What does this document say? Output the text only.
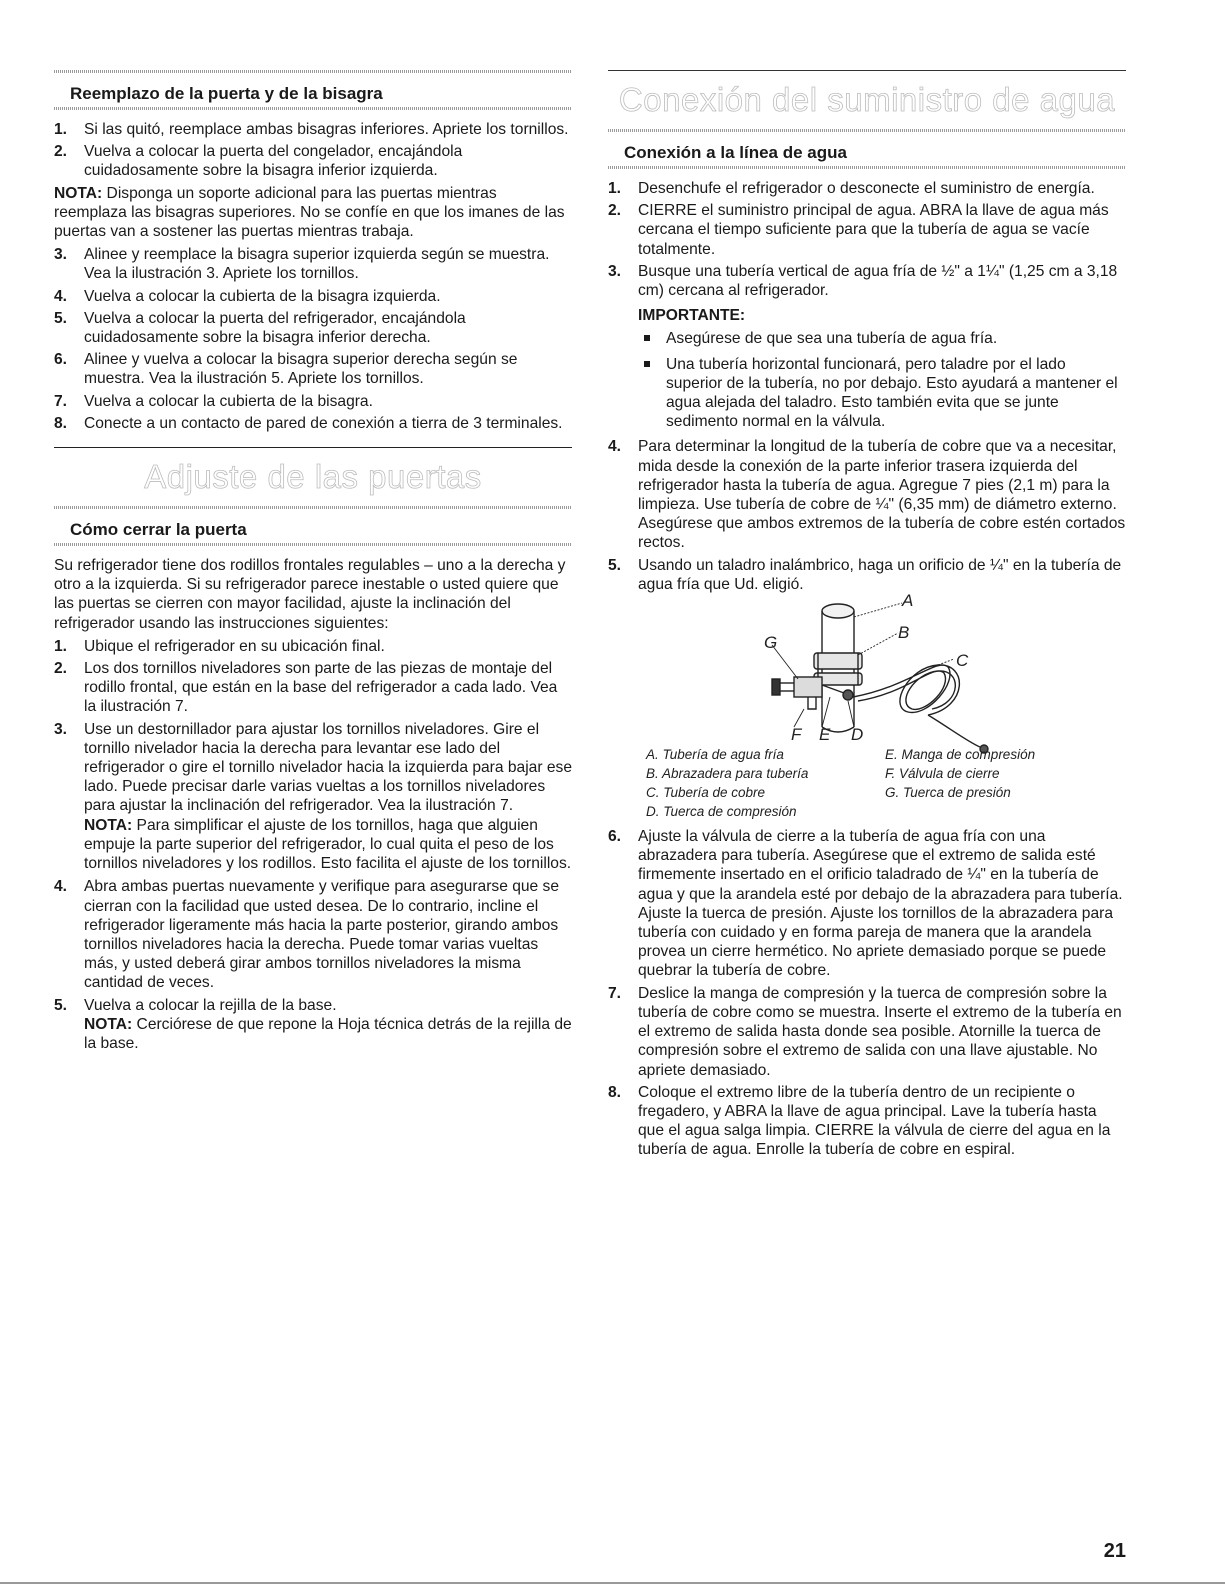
Reemplazo de la puerta y de la bisagra
1. Si las quitó, reemplace ambas bisagras inferiores. Apriete los tornillos.
2. Vuelva a colocar la puerta del congelador, encajándola cuidadosamente sobre la bisagra inferior izquierda.

NOTA: Disponga un soporte adicional para las puertas mientras reemplaza las bisagras superiores. No se confíe en que los imanes de las puertas van a sostener las puertas mientras trabaja.

3. Alinee y reemplace la bisagra superior izquierda según se muestra. Vea la ilustración 3. Apriete los tornillos.
4. Vuelva a colocar la cubierta de la bisagra izquierda.
5. Vuelva a colocar la puerta del refrigerador, encajándola cuidadosamente sobre la bisagra inferior derecha.
6. Alinee y vuelva a colocar la bisagra superior derecha según se muestra. Vea la ilustración 5. Apriete los tornillos.
7. Vuelva a colocar la cubierta de la bisagra.
8. Conecte a un contacto de pared de conexión a tierra de 3 terminales.
Adjuste de las puertas
Cómo cerrar la puerta

Su refrigerador tiene dos rodillos frontales regulables – uno a la derecha y otro a la izquierda. Si su refrigerador parece inestable o usted quiere que las puertas se cierren con mayor facilidad, ajuste la inclinación del refrigerador usando las instrucciones siguientes:

1. Ubique el refrigerador en su ubicación final.
2. Los dos tornillos niveladores son parte de las piezas de montaje del rodillo frontal, que están en la base del refrigerador a cada lado. Vea la ilustración 7.
3. Use un destornillador para ajustar los tornillos niveladores. Gire el tornillo nivelador hacia la derecha para levantar ese lado del refrigerador o gire el tornillo nivelador hacia la izquierda para bajar ese lado. Puede precisar darle varias vueltas a los tornillos niveladores para ajustar la inclinación del refrigerador. Vea la ilustración 7.

NOTA: Para simplificar el ajuste de los tornillos, haga que alguien empuje la parte superior del refrigerador, lo cual quita el peso de los tornillos niveladores y los rodillos. Esto facilita el ajuste de los tornillos.

4. Abra ambas puertas nuevamente y verifique para asegurarse que se cierran con la facilidad que usted desea. De lo contrario, incline el refrigerador ligeramente más hacia la parte posterior, girando ambos tornillos niveladores hacia la derecha. Puede tomar varias vueltas más, y usted deberá girar ambos tornillos niveladores la misma cantidad de veces.
5. Vuelva a colocar la rejilla de la base.

NOTA: Cerciórese de que repone la Hoja técnica detrás de la rejilla de la base.

Conexión del suministro de agua
Conexión a la línea de agua
1. Desenchufe el refrigerador o desconecte el suministro de energía.
2. CIERRE el suministro principal de agua. ABRA la llave de agua más cercana el tiempo suficiente para que la tubería de agua se vacíe totalmente.
3. Busque una tubería vertical de agua fría de ½" a 1¼" (1,25 cm a 3,18 cm) cercana al refrigerador.
IMPORTANTE:
Asegúrese de que sea una tubería de agua fría.
Una tubería horizontal funcionará, pero taladre por el lado superior de la tubería, no por debajo. Esto ayudará a mantener el agua alejada del taladro. Esto también evita que se junte sedimento normal en la válvula.
4. Para determinar la longitud de la tubería de cobre que va a necesitar, mida desde la conexión de la parte inferior trasera izquierda del refrigerador hasta la tubería de agua. Agregue 7 pies (2,1 m) para la limpieza. Use tubería de cobre de ¼" (6,35 mm) de diámetro externo. Asegúrese que ambos extremos de la tubería de cobre estén cortados rectos.
5. Usando un taladro inalámbrico, haga un orificio de ¼" en la tubería de agua fría que Ud. eligió.
A
B
C
G
F E D
A. Tubería de agua fría
B. Abrazadera para tubería
C. Tubería de cobre
D. Tuerca de compresión
E. Manga de compresión
F. Válvula de cierre
G. Tuerca de presión
6. Ajuste la válvula de cierre a la tubería de agua fría con una abrazadera para tubería. Asegúrese que el extremo de salida esté firmemente insertado en el orificio taladrado de ¼" en la tubería de agua y que la arandela esté por debajo de la abrazadera para tubería. Ajuste la tuerca de presión. Ajuste los tornillos de la abrazadera para tubería con cuidado y en forma pareja de manera que la arandela provea un cierre hermético. No apriete demasiado porque se puede quebrar la tubería de cobre.
7. Deslice la manga de compresión y la tuerca de compresión sobre la tubería de cobre como se muestra. Inserte el extremo de la tubería en el extremo de salida hasta donde sea posible. Atornille la tuerca de compresión sobre el extremo de salida con una llave ajustable. No apriete demasiado.
8. Coloque el extremo libre de la tubería dentro de un recipiente o fregadero, y ABRA la llave de agua principal. Lave la tubería hasta que el agua salga limpia. CIERRE la válvula de cierre del agua en la tubería de agua. Enrolle la tubería de cobre en espiral.
21
